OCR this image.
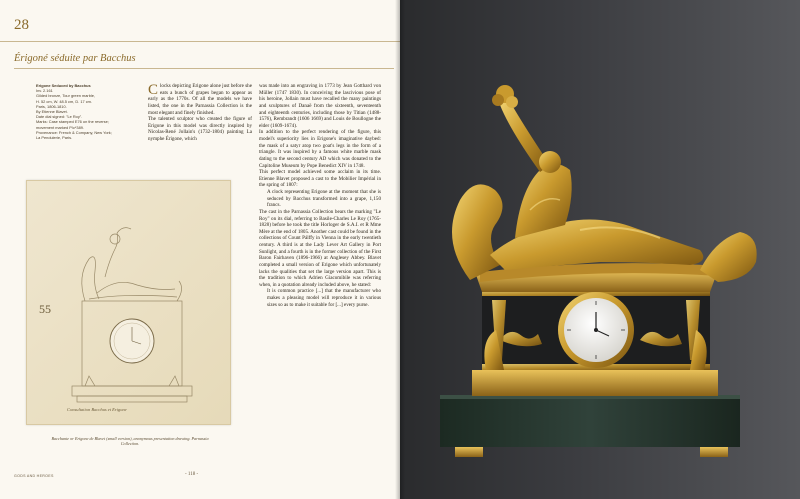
28
Érigoné séduite par Bacchus
Erigone Seduced by Bacchus
Inv. 2.161
Gilded bronze, Tour green marble,
H. 52 cm, W. 48.5 cm, D. 17 cm.
Paris, 1806-1810.
By Etienne Blavet.
Date dial signed: "Le Roy".
Marks: Case stamped E76 on the reverse;
movement marked P/c*389.
Provenance: French & Company, New York;
La Pendulerie, Paris.

Clocks depicting Erigone alone just before she eats a bunch of grapes began to appear as early as the 1770s. Of all the models we have listed, the one in the Parnassia Collection is the most elegant and finely finished.

The talented sculptor who created the figure of Erigone in this model was directly inspired by Nicolas-René Jollain's (1732-1804) painting La nymphe Érigone, which

was made into an engraving in 1773 by Jean Gotthard von Müller (1747 1830). In conceiving the lascivious pose of his heroine, Jollain must have recalled the many paintings and sculptures of Danaë from the sixteenth, seventeenth and eighteenth centuries, including those by Titian (1488-1576), Rembrandt (1606 1669) and Louis de Boullogne the elder (1609-1674).

In addition to the perfect rendering of the figure, this model's superiority lies in Erigone's imaginative daybed: the mask of a satyr atop two goat's legs in the form of a triangle. It was inspired by a famous white marble mask dating to the second century AD which was donated to the Capitoline Museum by Pope Benedict XIV in 1748.

This perfect model achieved some acclaim in its time. Etienne Blavet proposed a cast to the Mobilier Impérial in the spring of 1807:

A clock representing Erigone at the moment that she is seduced by Bacchus transformed into a grape, 1,150 francs.

The cast in the Parnassia Collection bears the marking "Le Roy" on its dial, referring to Basile-Charles Le Roy (1765-1828) before he took the title Horloger de S.A.I. et R Mme Mère at the end of 1805. Another cast could be found in the collections of Count Pálffy in Vienna in the early twentieth century. A third is at the Lady Lever Art Gallery in Port Sunlight, and a fourth is in the former collection of the First Baron Fairhaven (1896-1966) at Anglesey Abbey. Blavet completed a small version of Erigone which unfortunately lacks the qualities that set the large version apart. This is the tradition to which Adrien Giacomibile was referring when, in a quotation already included above, he stated:

It is common practice [...] that the manufacturer who makes a pleasing model will reproduce it in various sizes so as to make it suitable for [...] every purse.

55
Consultation Bacchus et Erigone
Bacchante or Erigone de Blavet (small version), anonymous presentation drawing. Parnassia Collection.
GODS AND HEROES	- 118 -
